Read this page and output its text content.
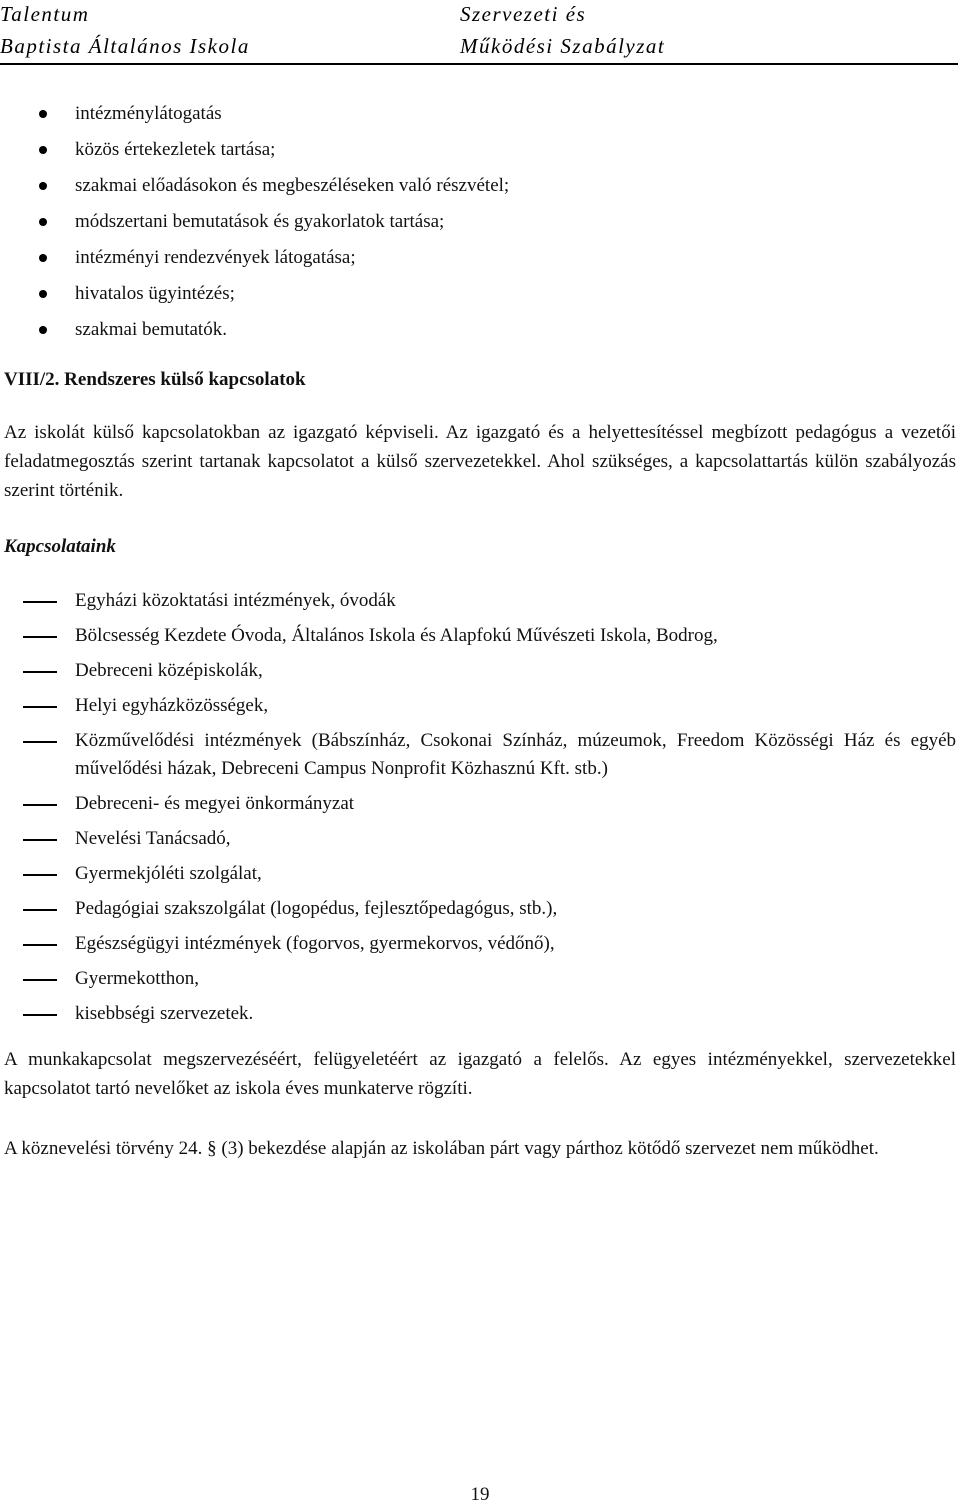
Talentum
Baptista Általános Iskola
Szervezeti és
Működési Szabályzat
intézménylátogatás
közös értekezletek tartása;
szakmai előadásokon és megbeszéléseken való részvétel;
módszertani bemutatások és gyakorlatok tartása;
intézményi rendezvények látogatása;
hivatalos ügyintézés;
szakmai bemutatók.
VIII/2. Rendszeres külső kapcsolatok

Az iskolát külső kapcsolatokban az igazgató képviseli. Az igazgató és a helyettesítéssel megbízott pedagógus a vezetői feladatmegosztás szerint tartanak kapcsolatot a külső szervezetekkel. Ahol szükséges, a kapcsolattartás külön szabályozás szerint történik.

Kapcsolataink
Egyházi közoktatási intézmények, óvodák
Bölcsesség Kezdete Óvoda, Általános Iskola és Alapfokú Művészeti Iskola, Bodrog,
Debreceni középiskolák,
Helyi egyházközösségek,
Közművelődési intézmények (Bábszínház, Csokonai Színház, múzeumok, Freedom Közösségi Ház és egyéb művelődési házak, Debreceni Campus Nonprofit Közhasznú Kft. stb.)
Debreceni- és megyei önkormányzat
Nevelési Tanácsadó,
Gyermekjóléti szolgálat,
Pedagógiai szakszolgálat (logopédus, fejlesztőpedagógus, stb.),
Egészségügyi intézmények (fogorvos, gyermekorvos, védőnő),
Gyermekotthon,
kisebbségi szervezetek.

A munkakapcsolat megszervezéséért, felügyeletéért az igazgató a felelős. Az egyes intézményekkel, szervezetekkel kapcsolatot tartó nevelőket az iskola éves munkaterve rögzíti.

A köznevelési törvény 24. § (3) bekezdése alapján az iskolában párt vagy párthoz kötődő szervezet nem működhet.

19
